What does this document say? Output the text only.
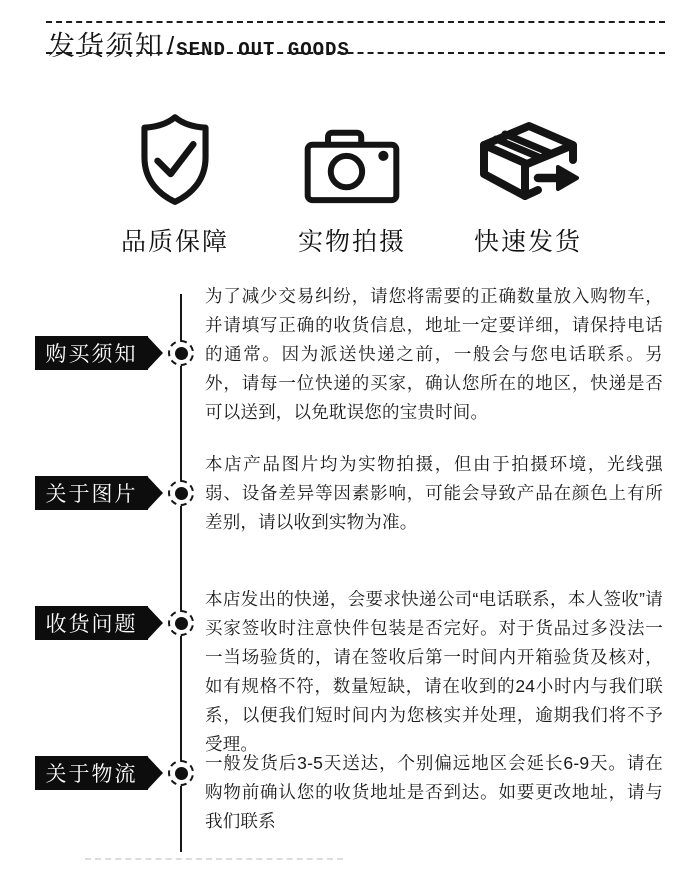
发货须知 / SEND OUT GOODS
品质保障	实物拍摄	快速发货
购买须知
为了减少交易纠纷，请您将需要的正确数量放入购物车，并请填写正确的收货信息，地址一定要详细，请保持电话的通常。因为派送快递之前，一般会与您电话联系。另外，请每一位快递的买家，确认您所在的地区，快递是否可以送到，以免耽误您的宝贵时间。
关于图片
本店产品图片均为实物拍摄，但由于拍摄环境，光线强弱、设备差异等因素影响，可能会导致产品在颜色上有所差别，请以收到实物为准。
收货问题
本店发出的快递，会要求快递公司“电话联系，本人签收”请买家签收时注意快件包装是否完好。对于货品过多没法一一当场验货的，请在签收后第一时间内开箱验货及核对，如有规格不符，数量短缺，请在收到的24小时内与我们联系，以便我们短时间内为您核实并处理，逾期我们将不予受理。
关于物流	一般发货后3-5天送达，个别偏远地区会延长6-9天。请在购物前确认您的收货地址是否到达。如要更改地址，请与我们联系
